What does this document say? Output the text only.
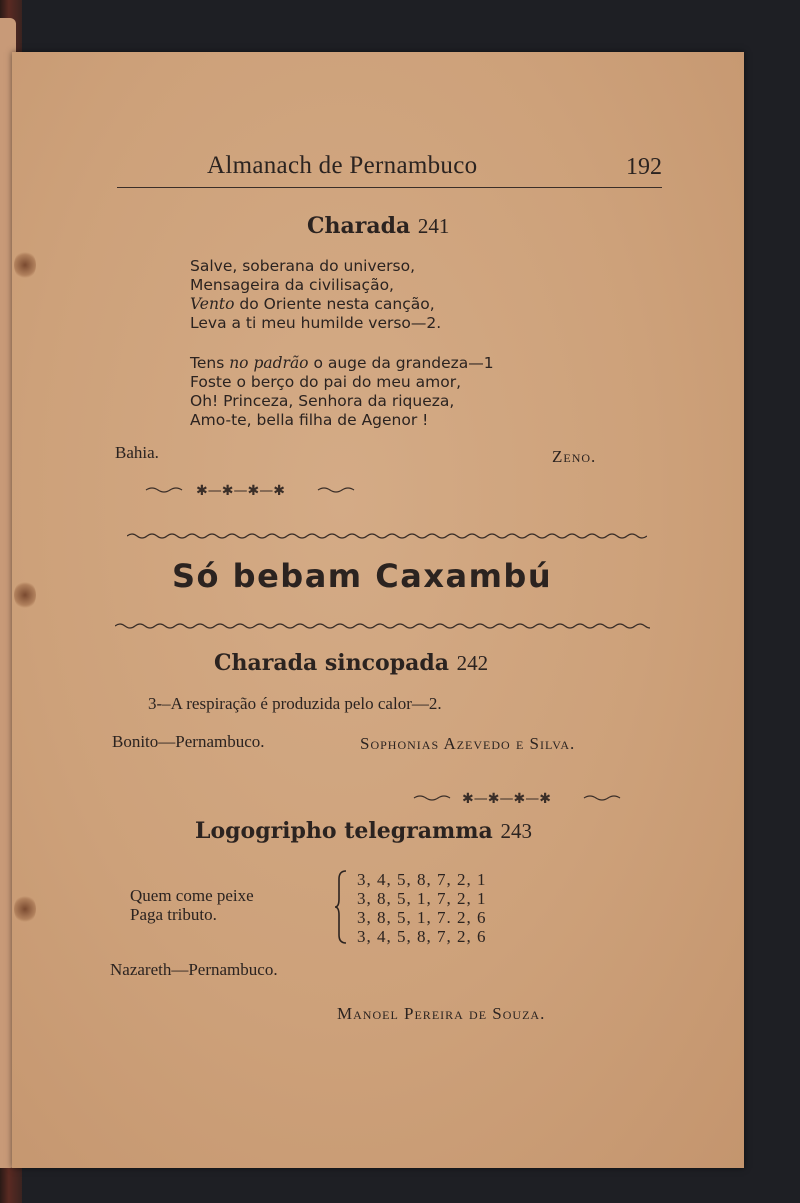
Almanach de Pernambuco	192
Charada 241
Salve, soberana do universo,
Mensageira da civilisação,
Vento do Oriente nesta canção,
Leva a ti meu humilde verso—2.
Tens no padrão o auge da grandeza—1
Foste o berço do pai do meu amor,
Oh! Princeza, Senhora da riqueza,
Amo-te, bella filha de Agenor !
Bahia.	Zeno.
✱—✱—✱—✱
Só bebam Caxambú
Charada sincopada 242
3-–A respiração é produzida pelo calor—2.
Bonito—Pernambuco.	Sophonias Azevedo e Silva.
✱—✱—✱—✱
Logogripho telegramma 243
Quem come peixe
Paga tributo.
3, 4, 5, 8, 7, 2, 1
3, 8, 5, 1, 7, 2, 1
3, 8, 5, 1, 7. 2, 6
3, 4, 5, 8, 7, 2, 6
Nazareth—Pernambuco.
Manoel Pereira de Souza.
